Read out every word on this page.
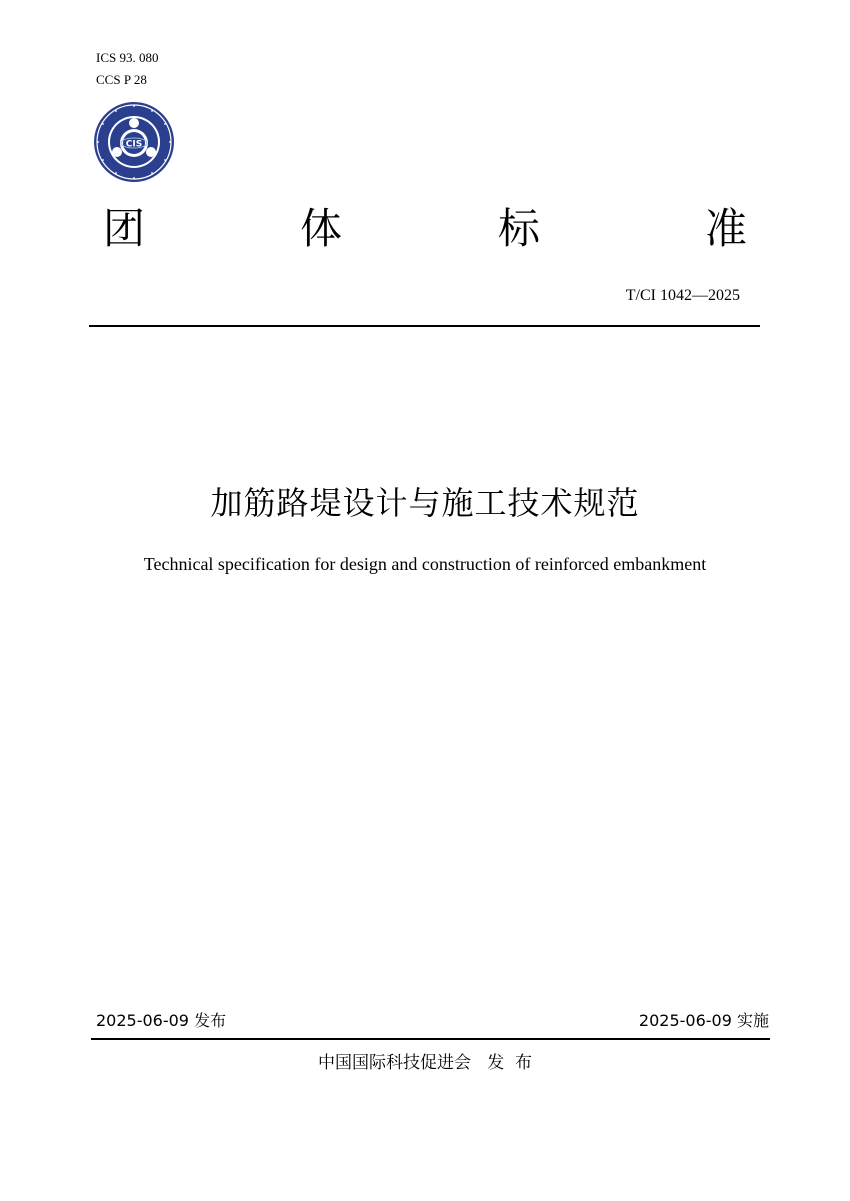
ICS 93. 080
CCS P 28
CIS
团	体	标	准
T/CI 1042—2025
加筋路堤设计与施工技术规范
Technical specification for design and construction of reinforced embankment
2025-06-09 发布	2025-06-09 实施
中国国际科技促进会   发  布
